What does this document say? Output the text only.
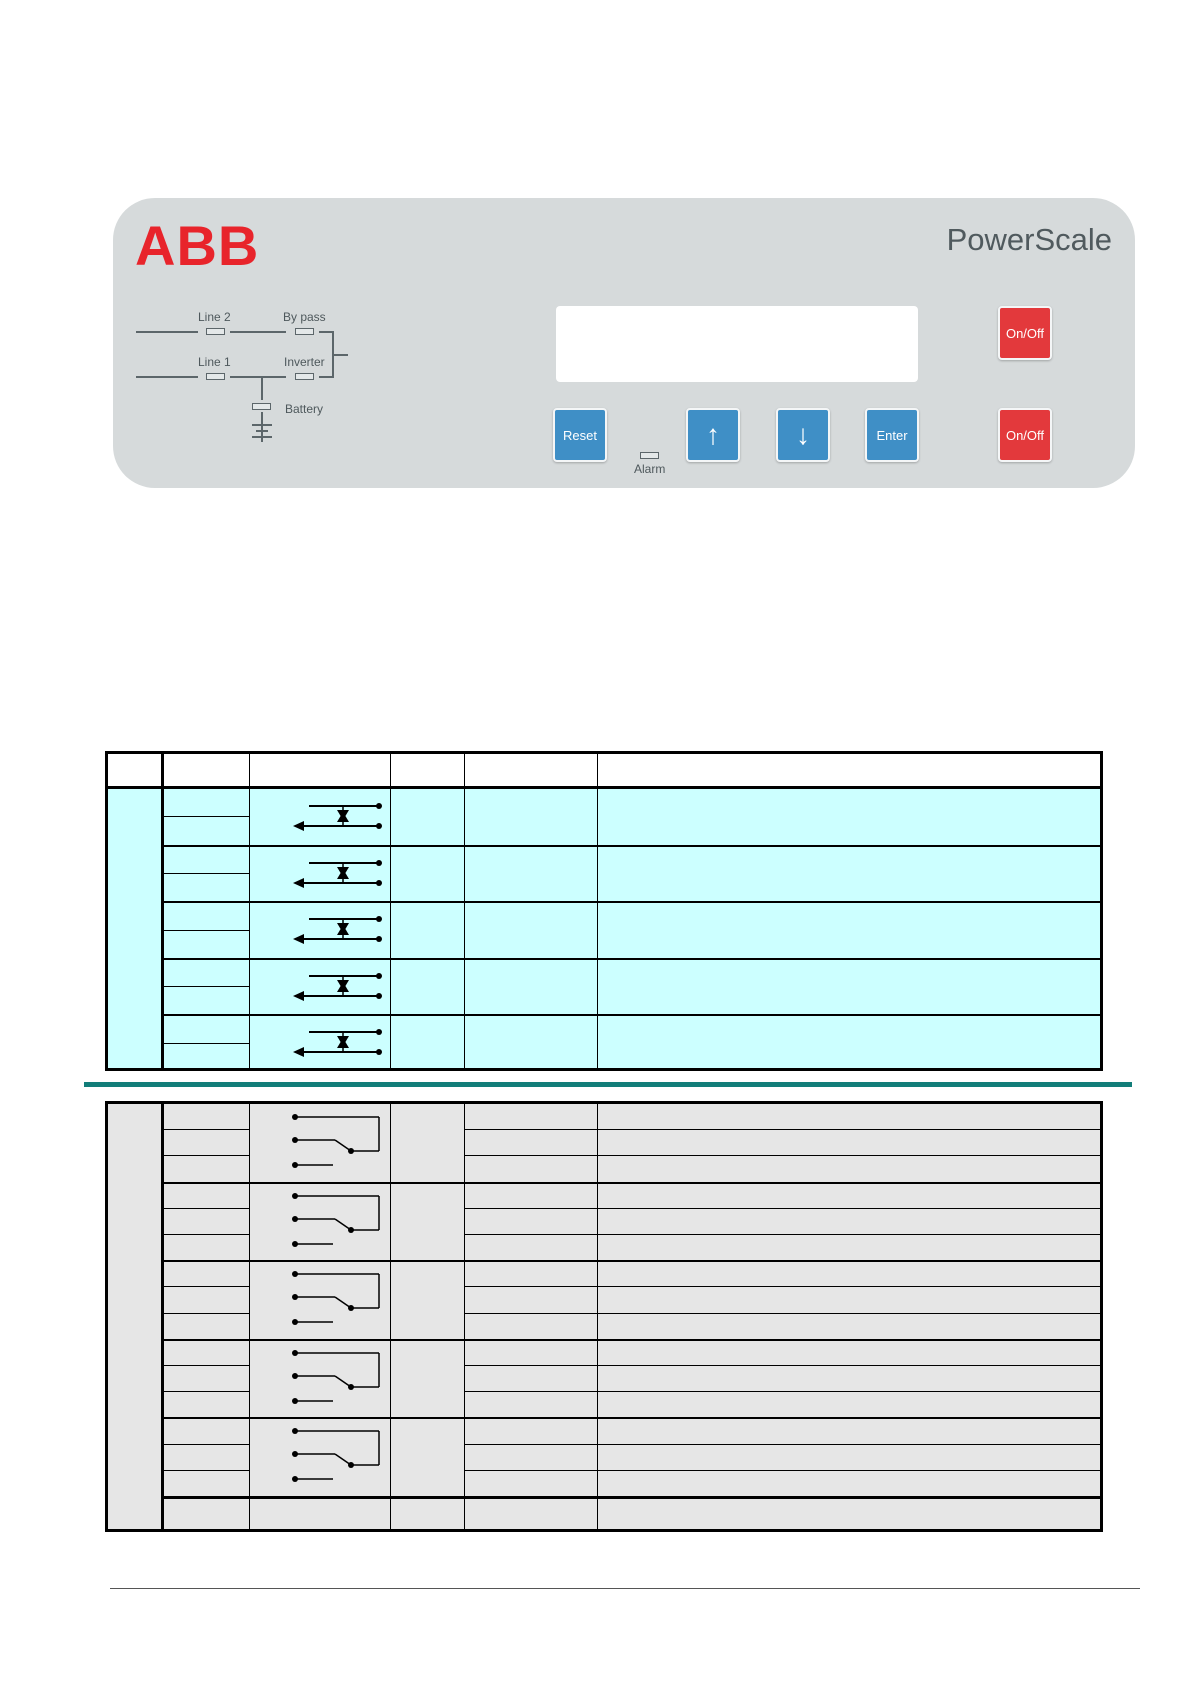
ABB	PowerScale
Line 2	By pass
Line 1	Inverter
Battery
On/Off
Reset
Alarm
↑	↓	Enter	On/Off
